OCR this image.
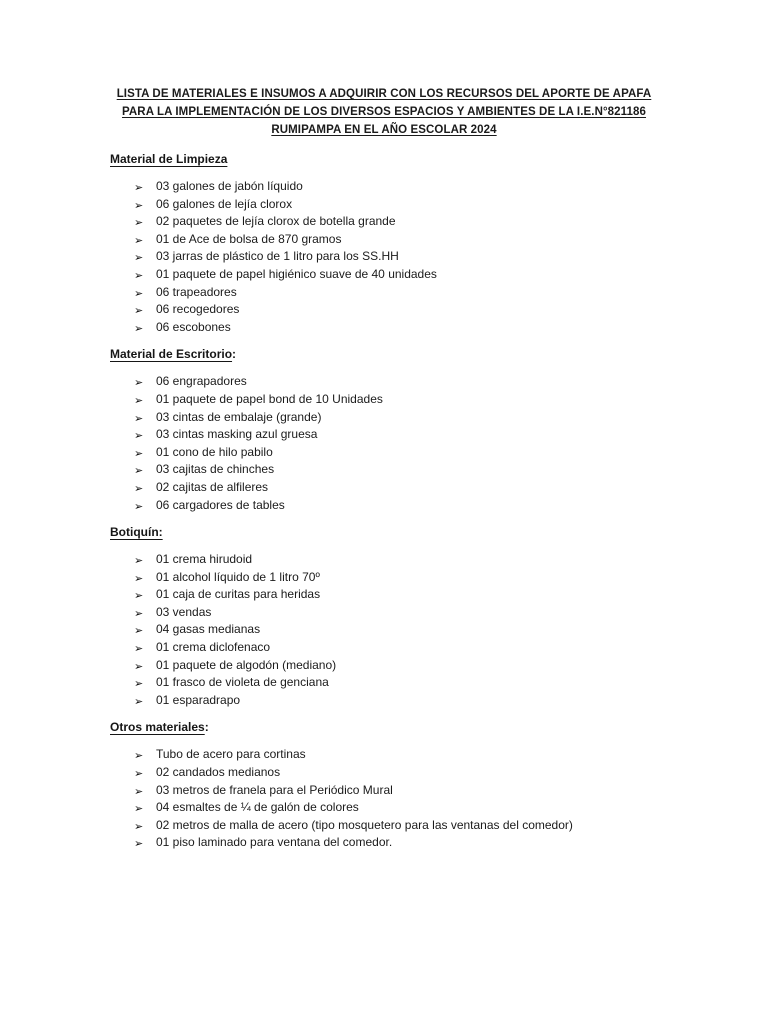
LISTA DE MATERIALES E INSUMOS A ADQUIRIR CON LOS RECURSOS DEL APORTE DE APAFA
PARA LA IMPLEMENTACIÓN DE LOS DIVERSOS ESPACIOS Y AMBIENTES DE LA I.E.N°821186
RUMIPAMPA EN EL AÑO ESCOLAR 2024
Material de Limpieza
➢ 03 galones de jabón líquido
➢ 06 galones de lejía clorox
➢ 02 paquetes de lejía clorox de botella grande
➢ 01 de Ace de bolsa de 870 gramos
➢ 03 jarras de plástico de 1 litro para los SS.HH
➢ 01 paquete de papel higiénico suave de 40 unidades
➢ 06 trapeadores
➢ 06 recogedores
➢ 06 escobones
Material de Escritorio:
➢ 06 engrapadores
➢ 01 paquete de papel bond de 10 Unidades
➢ 03 cintas de embalaje (grande)
➢ 03 cintas masking azul gruesa
➢ 01 cono de hilo pabilo
➢ 03 cajitas de chinches
➢ 02 cajitas de alfileres
➢ 06 cargadores de tables
Botiquín:
➢ 01 crema hirudoid
➢ 01 alcohol líquido de 1 litro 70º
➢ 01 caja de curitas para heridas
➢ 03 vendas
➢ 04 gasas medianas
➢ 01 crema diclofenaco
➢ 01 paquete de algodón (mediano)
➢ 01 frasco de violeta de genciana
➢ 01 esparadrapo
Otros materiales:
➢ Tubo de acero para cortinas
➢ 02 candados medianos
➢ 03 metros de franela para el Periódico Mural
➢ 04 esmaltes de ¼ de galón de colores
➢ 02 metros de malla de acero (tipo mosquetero para las ventanas del comedor)
➢ 01 piso laminado para ventana del comedor.
